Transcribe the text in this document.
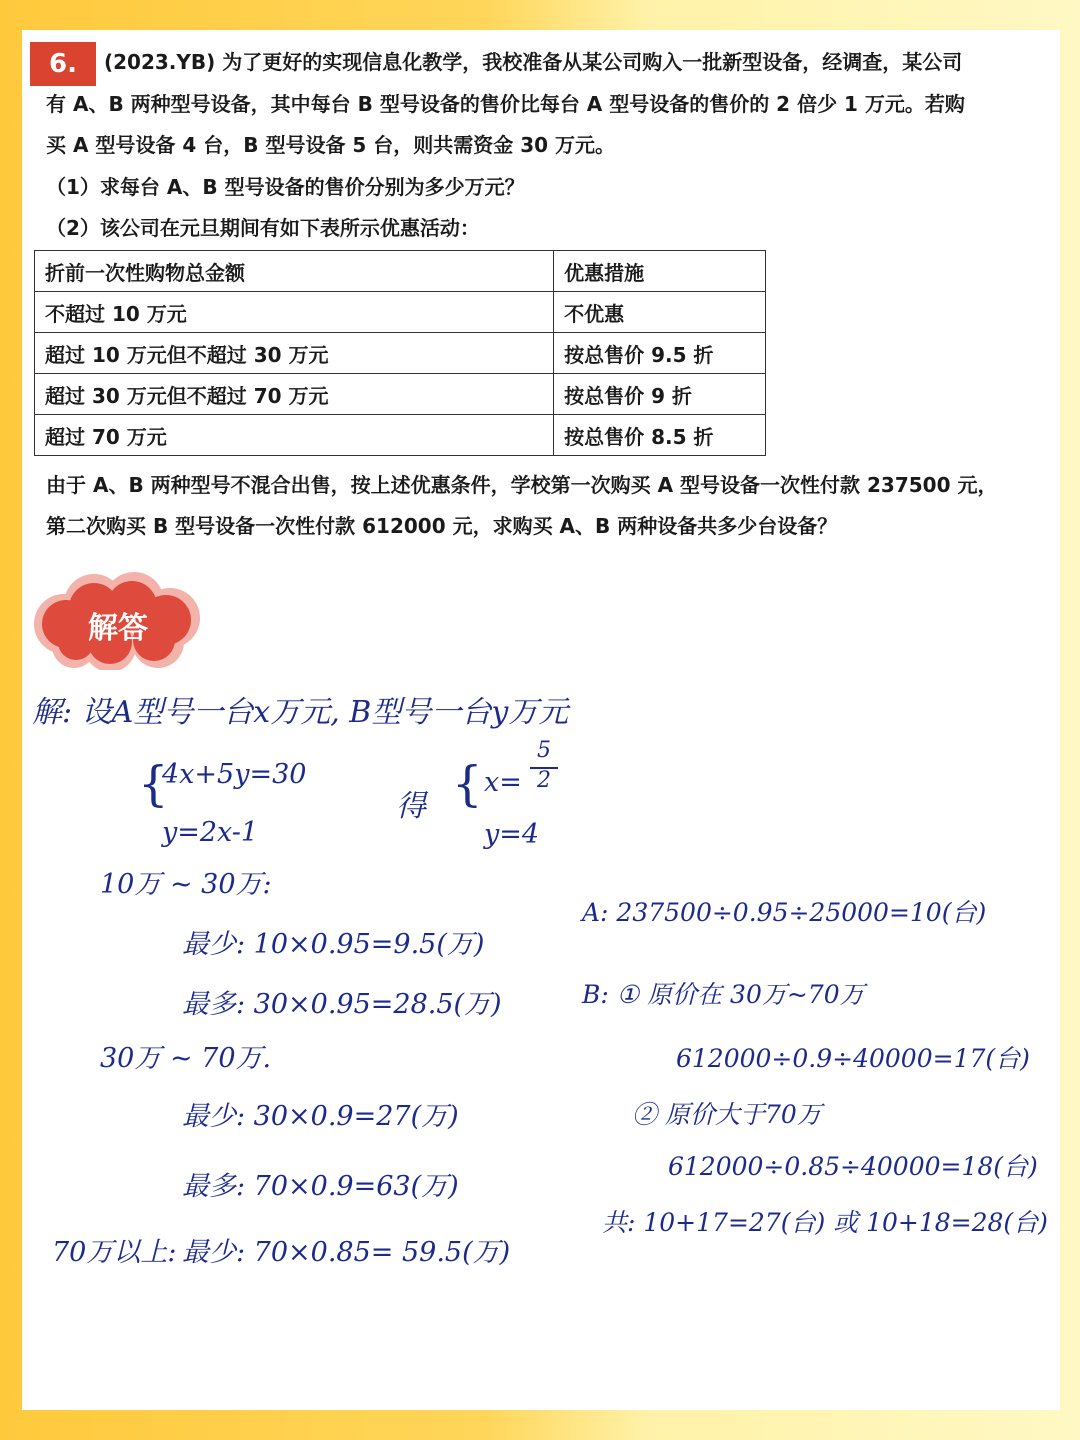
6.	(2023.YB) 为了更好的实现信息化教学，我校准备从某公司购入一批新型设备，经调查，某公司
有 A、B 两种型号设备，其中每台 B 型号设备的售价比每台 A 型号设备的售价的 2 倍少 1 万元。若购
买 A 型号设备 4 台，B 型号设备 5 台，则共需资金 30 万元。
（1）求每台 A、B 型号设备的售价分别为多少万元？
（2）该公司在元旦期间有如下表所示优惠活动：
折前一次性购物总金额	优惠措施
不超过 10 万元	不优惠
超过 10 万元但不超过 30 万元	按总售价 9.5 折
超过 30 万元但不超过 70 万元	按总售价 9 折
超过 70 万元	按总售价 8.5 折
由于 A、B 两种型号不混合出售，按上述优惠条件，学校第一次购买 A 型号设备一次性付款 237500 元，
第二次购买 B 型号设备一次性付款 612000 元，求购买 A、B 两种设备共多少台设备？
解答
解: 设A型号一台x万元, B型号一台y万元
{
4x+5y=30
y=2x-1
得 { x=
5
2
y=4
10万 ~ 30万:
最少: 10×0.95=9.5(万)
最多: 30×0.95=28.5(万)
30万 ~ 70万.
最少: 30×0.9=27(万)
最多: 70×0.9=63(万)
70万以上: 最少: 70×0.85= 59.5(万)
A: 237500÷0.95÷25000=10(台)
B: ① 原价在 30万~70万
612000÷0.9÷40000=17(台)
② 原价大于70万
612000÷0.85÷40000=18(台)
共: 10+17=27(台) 或 10+18=28(台)
